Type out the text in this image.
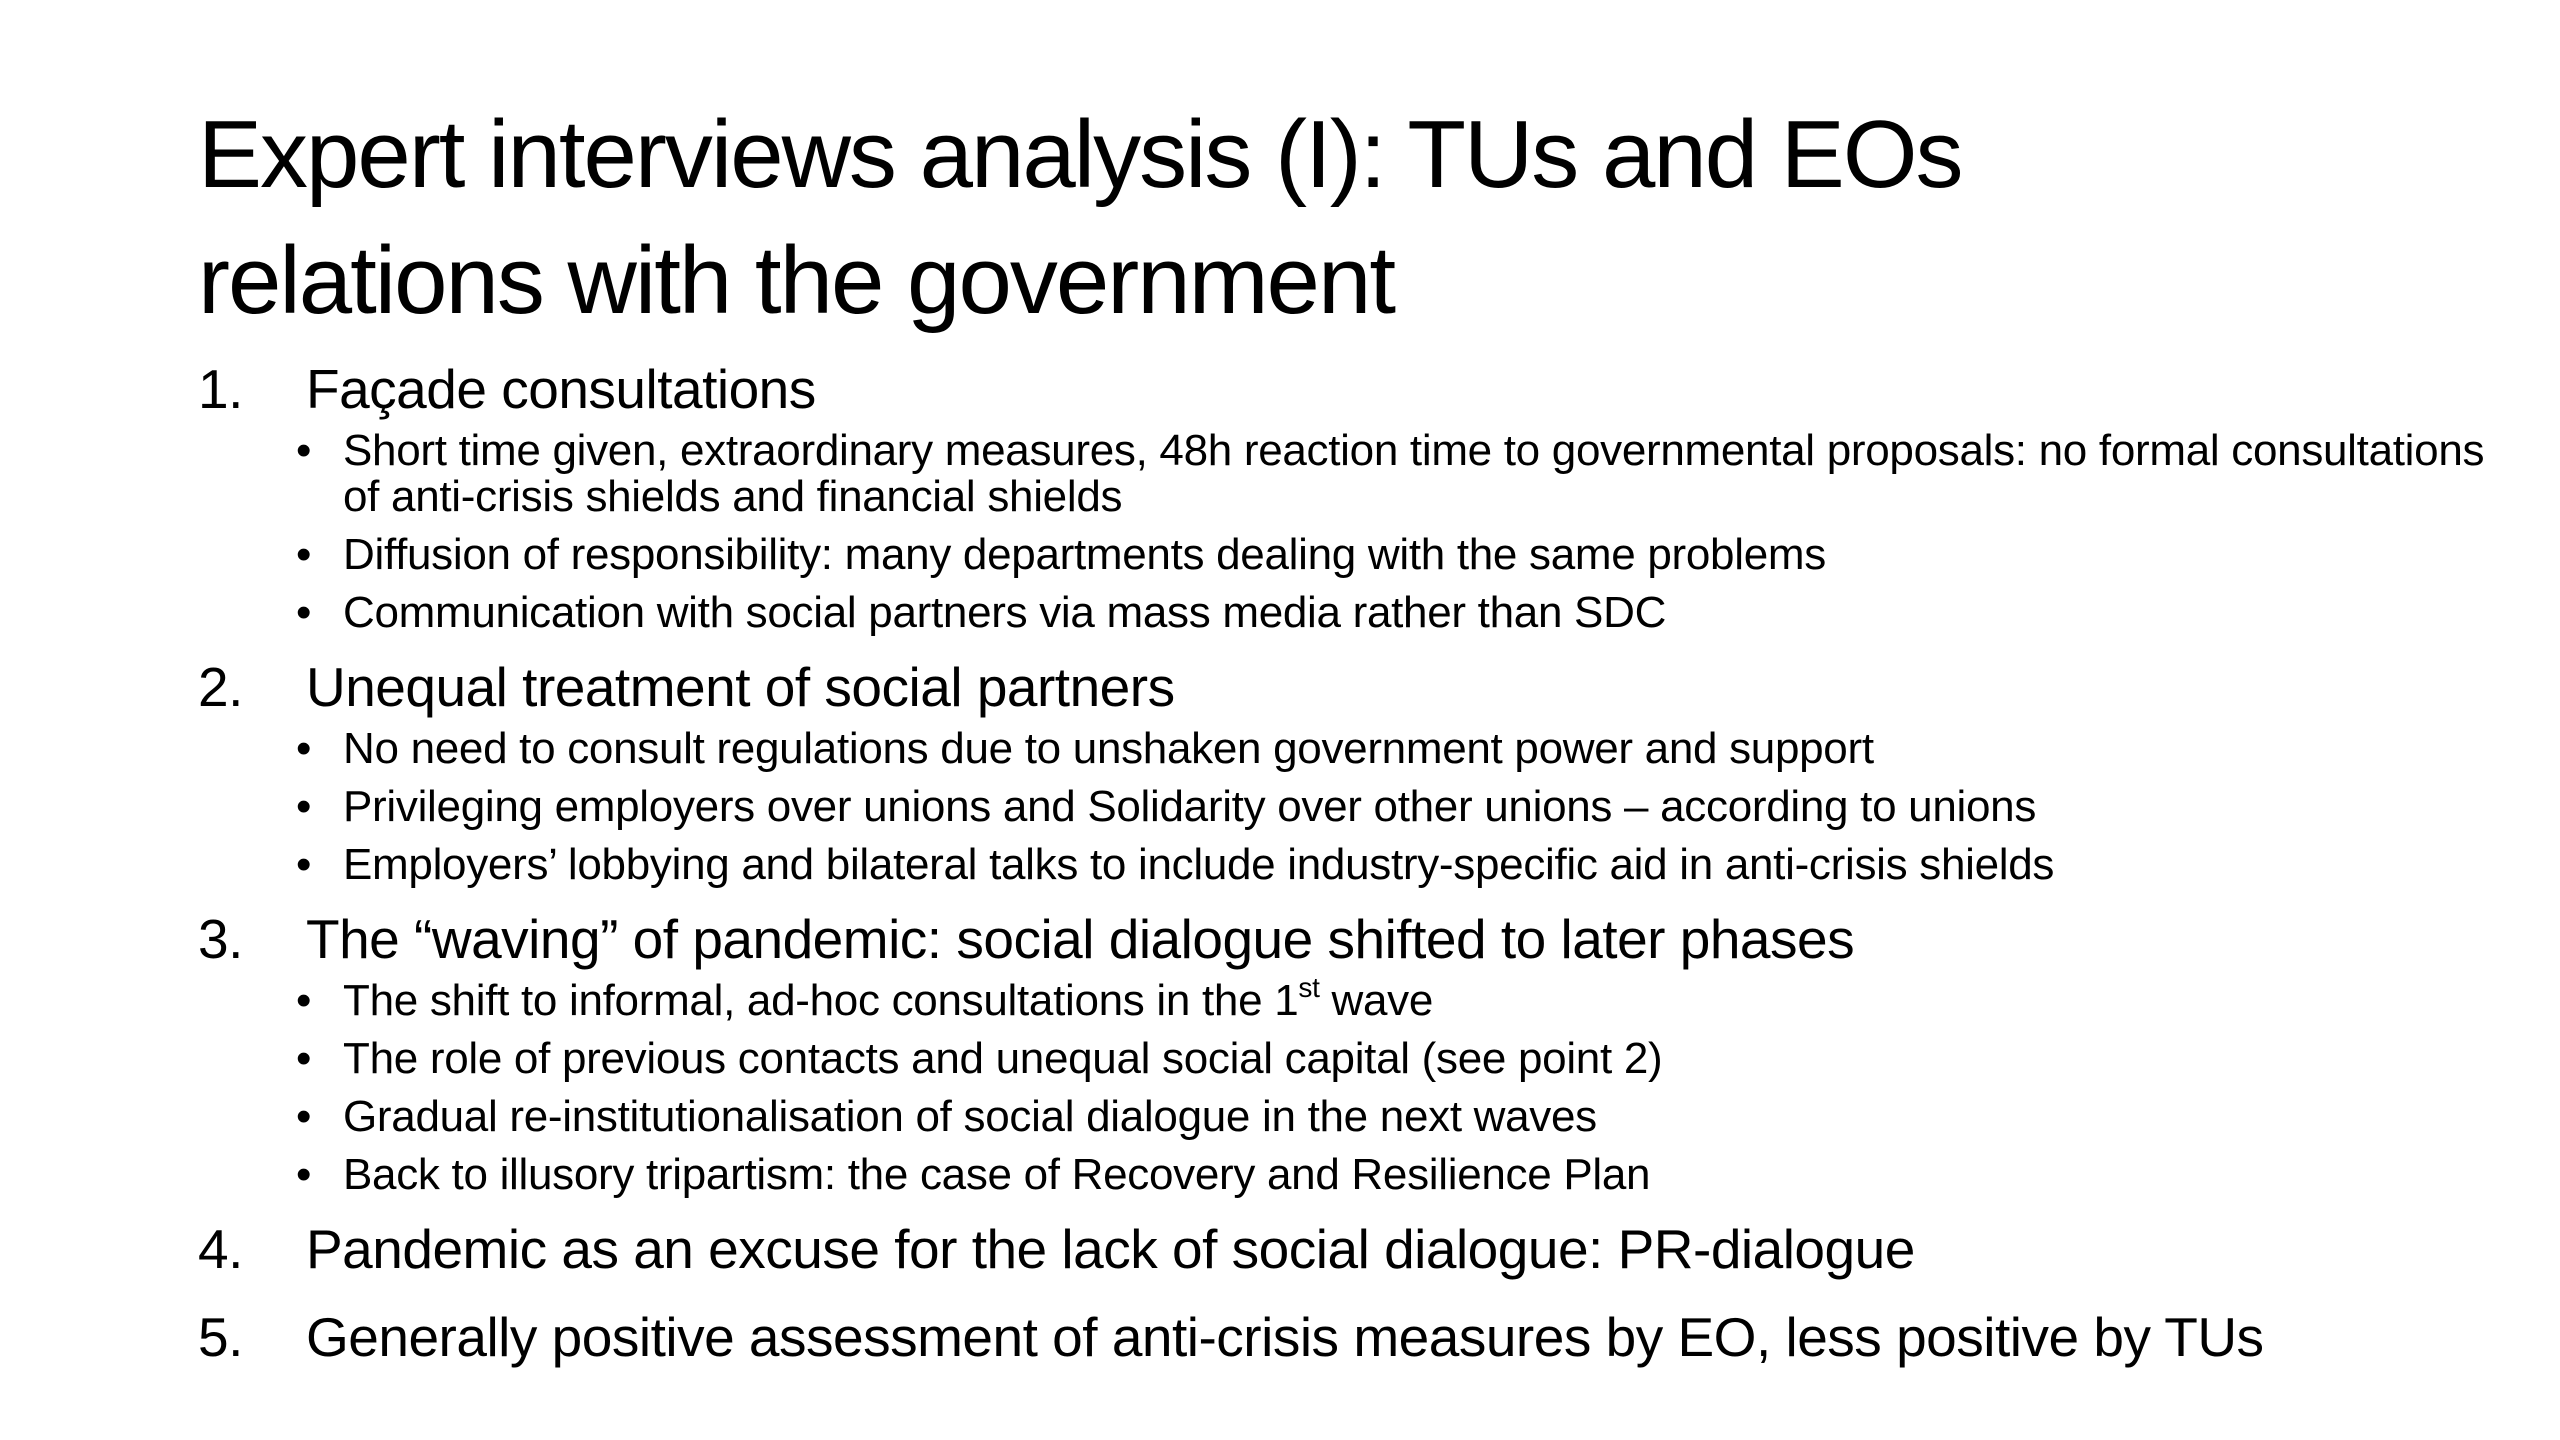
Expert interviews analysis (I): TUs and EOs
relations with the government
1. Façade consultations
• Short time given, extraordinary measures, 48h reaction time to governmental proposals: no formal consultations of anti-crisis shields and financial shields
• Diffusion of responsibility: many departments dealing with the same problems
• Communication with social partners via mass media rather than SDC
2. Unequal treatment of social partners
• No need to consult regulations due to unshaken government power and support
• Privileging employers over unions and Solidarity over other unions – according to unions
• Employers’ lobbying and bilateral talks to include industry-specific aid in anti-crisis shields
3. The “waving” of pandemic: social dialogue shifted to later phases
• The shift to informal, ad-hoc consultations in the 1st wave
• The role of previous contacts and unequal social capital (see point 2)
• Gradual re-institutionalisation of social dialogue in the next waves
• Back to illusory tripartism: the case of Recovery and Resilience Plan
4. Pandemic as an excuse for the lack of social dialogue: PR-dialogue
5. Generally positive assessment of anti-crisis measures by EO, less positive by TUs
